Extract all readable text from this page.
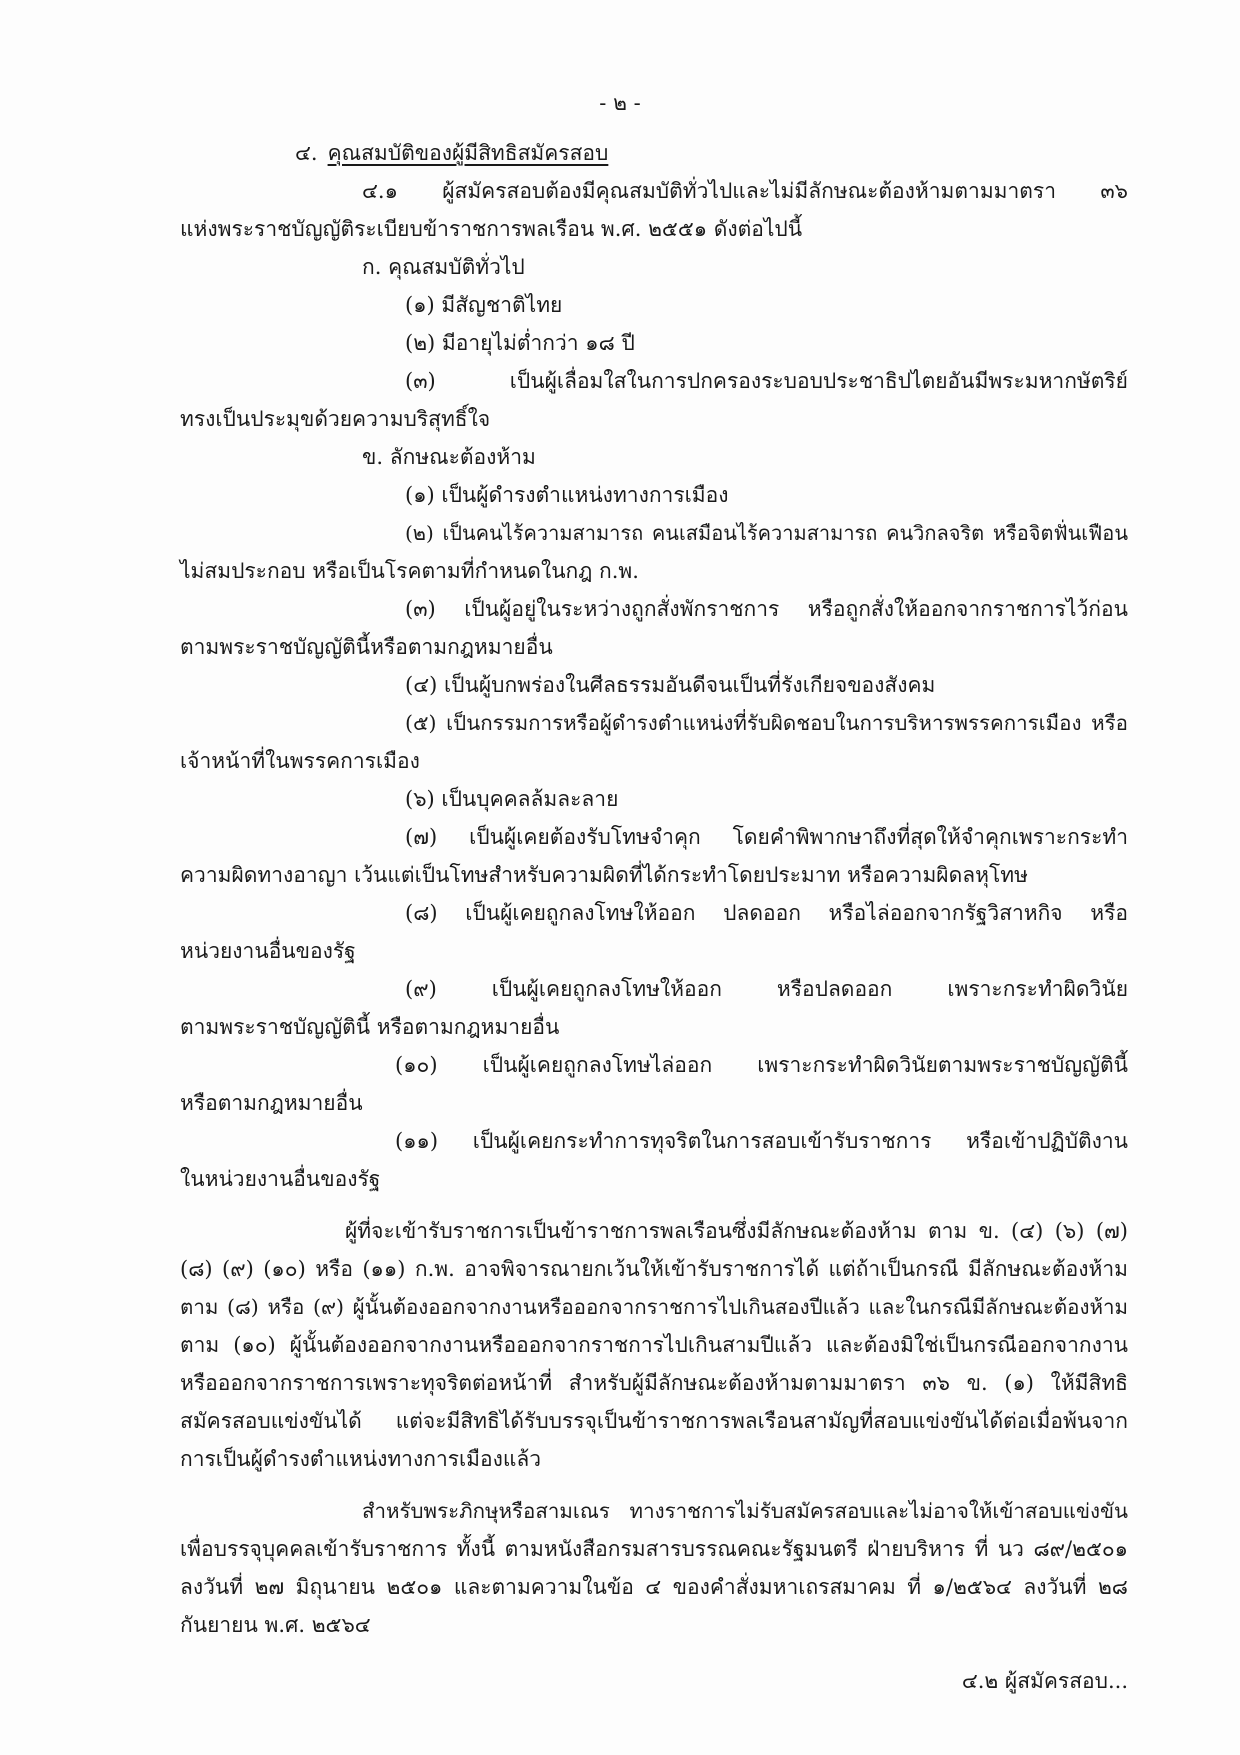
- ๒ -
๔. คุณสมบัติของผู้มีสิทธิสมัครสอบ
๔.๑ ผู้สมัครสอบต้องมีคุณสมบัติทั่วไปและไม่มีลักษณะต้องห้ามตามมาตรา ๓๖
แห่งพระราชบัญญัติระเบียบข้าราชการพลเรือน พ.ศ. ๒๕๕๑ ดังต่อไปนี้
ก. คุณสมบัติทั่วไป
(๑) มีสัญชาติไทย
(๒) มีอายุไม่ต่ำกว่า ๑๘ ปี
(๓) เป็นผู้เลื่อมใสในการปกครองระบอบประชาธิปไตยอันมีพระมหากษัตริย์
ทรงเป็นประมุขด้วยความบริสุทธิ์ใจ
ข. ลักษณะต้องห้าม
(๑) เป็นผู้ดำรงตำแหน่งทางการเมือง
(๒) เป็นคนไร้ความสามารถ คนเสมือนไร้ความสามารถ คนวิกลจริต หรือจิตฟั่นเฟือน
ไม่สมประกอบ หรือเป็นโรคตามที่กำหนดในกฎ ก.พ.
(๓) เป็นผู้อยู่ในระหว่างถูกสั่งพักราชการ หรือถูกสั่งให้ออกจากราชการไว้ก่อน
ตามพระราชบัญญัตินี้หรือตามกฎหมายอื่น
(๔) เป็นผู้บกพร่องในศีลธรรมอันดีจนเป็นที่รังเกียจของสังคม
(๕) เป็นกรรมการหรือผู้ดำรงตำแหน่งที่รับผิดชอบในการบริหารพรรคการเมือง หรือ
เจ้าหน้าที่ในพรรคการเมือง
(๖) เป็นบุคคลล้มละลาย
(๗) เป็นผู้เคยต้องรับโทษจำคุก โดยคำพิพากษาถึงที่สุดให้จำคุกเพราะกระทำ
ความผิดทางอาญา เว้นแต่เป็นโทษสำหรับความผิดที่ได้กระทำโดยประมาท หรือความผิดลหุโทษ
(๘) เป็นผู้เคยถูกลงโทษให้ออก ปลดออก หรือไล่ออกจากรัฐวิสาหกิจ หรือ
หน่วยงานอื่นของรัฐ
(๙) เป็นผู้เคยถูกลงโทษให้ออก หรือปลดออก เพราะกระทำผิดวินัย
ตามพระราชบัญญัตินี้ หรือตามกฎหมายอื่น
(๑๐) เป็นผู้เคยถูกลงโทษไล่ออก เพราะกระทำผิดวินัยตามพระราชบัญญัตินี้
หรือตามกฎหมายอื่น
(๑๑) เป็นผู้เคยกระทำการทุจริตในการสอบเข้ารับราชการ หรือเข้าปฏิบัติงาน
ในหน่วยงานอื่นของรัฐ
ผู้ที่จะเข้ารับราชการเป็นข้าราชการพลเรือนซึ่งมีลักษณะต้องห้าม ตาม ข. (๔) (๖) (๗)
(๘) (๙) (๑๐) หรือ (๑๑) ก.พ. อาจพิจารณายกเว้นให้เข้ารับราชการได้ แต่ถ้าเป็นกรณี มีลักษณะต้องห้าม
ตาม (๘) หรือ (๙) ผู้นั้นต้องออกจากงานหรือออกจากราชการไปเกินสองปีแล้ว และในกรณีมีลักษณะต้องห้าม
ตาม (๑๐) ผู้นั้นต้องออกจากงานหรือออกจากราชการไปเกินสามปีแล้ว และต้องมิใช่เป็นกรณีออกจากงาน
หรือออกจากราชการเพราะทุจริตต่อหน้าที่ สำหรับผู้มีลักษณะต้องห้ามตามมาตรา ๓๖ ข. (๑) ให้มีสิทธิ
สมัครสอบแข่งขันได้ แต่จะมีสิทธิได้รับบรรจุเป็นข้าราชการพลเรือนสามัญที่สอบแข่งขันได้ต่อเมื่อพ้นจาก
การเป็นผู้ดำรงตำแหน่งทางการเมืองแล้ว
สำหรับพระภิกษุหรือสามเณร ทางราชการไม่รับสมัครสอบและไม่อาจให้เข้าสอบแข่งขัน
เพื่อบรรจุบุคคลเข้ารับราชการ ทั้งนี้ ตามหนังสือกรมสารบรรณคณะรัฐมนตรี ฝ่ายบริหาร ที่ นว ๘๙/๒๕๐๑
ลงวันที่ ๒๗ มิถุนายน ๒๕๐๑ และตามความในข้อ ๔ ของคำสั่งมหาเถรสมาคม ที่ ๑/๒๕๖๔ ลงวันที่ ๒๘
กันยายน พ.ศ. ๒๕๖๔
๔.๒ ผู้สมัครสอบ...
